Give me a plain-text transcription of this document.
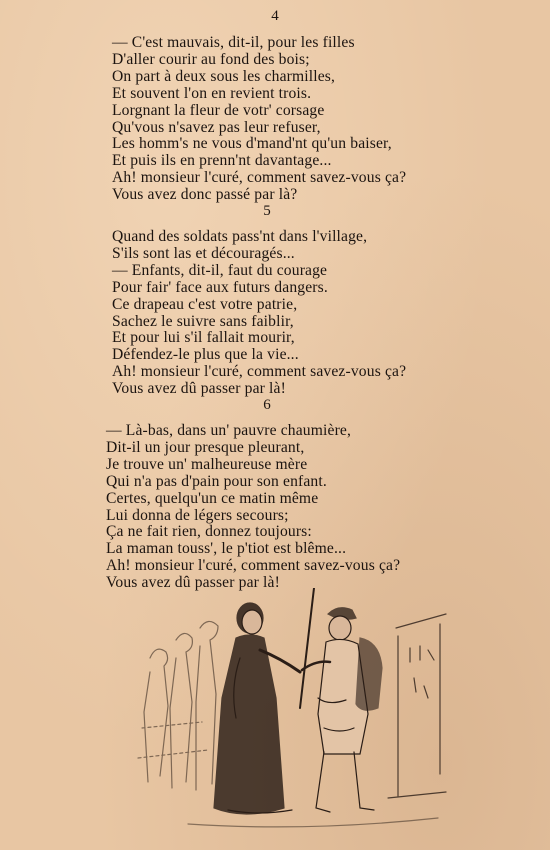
4
— C'est mauvais, dit-il, pour les filles
D'aller courir au fond des bois;
On part à deux sous les charmilles,
Et souvent l'on en revient trois.
Lorgnant la fleur de votr' corsage
Qu'vous n'savez pas leur refuser,
Les homm's ne vous d'mand'nt qu'un baiser,
Et puis ils en prenn'nt davantage...
Ah! monsieur l'curé, comment savez-vous ça?
Vous avez donc passé par là?
5
Quand des soldats pass'nt dans l'village,
S'ils sont las et découragés...
— Enfants, dit-il, faut du courage
Pour fair' face aux futurs dangers.
Ce drapeau c'est votre patrie,
Sachez le suivre sans faiblir,
Et pour lui s'il fallait mourir,
Défendez-le plus que la vie...
Ah! monsieur l'curé, comment savez-vous ça?
Vous avez dû passer par là!
6
— Là-bas, dans un' pauvre chaumière,
Dit-il un jour presque pleurant,
Je trouve un' malheureuse mère
Qui n'a pas d'pain pour son enfant.
Certes, quelqu'un ce matin même
Lui donna de légers secours;
Ça ne fait rien, donnez toujours:
La maman touss', le p'tiot est blême...
Ah! monsieur l'curé, comment savez-vous ça?
Vous avez dû passer par là!
